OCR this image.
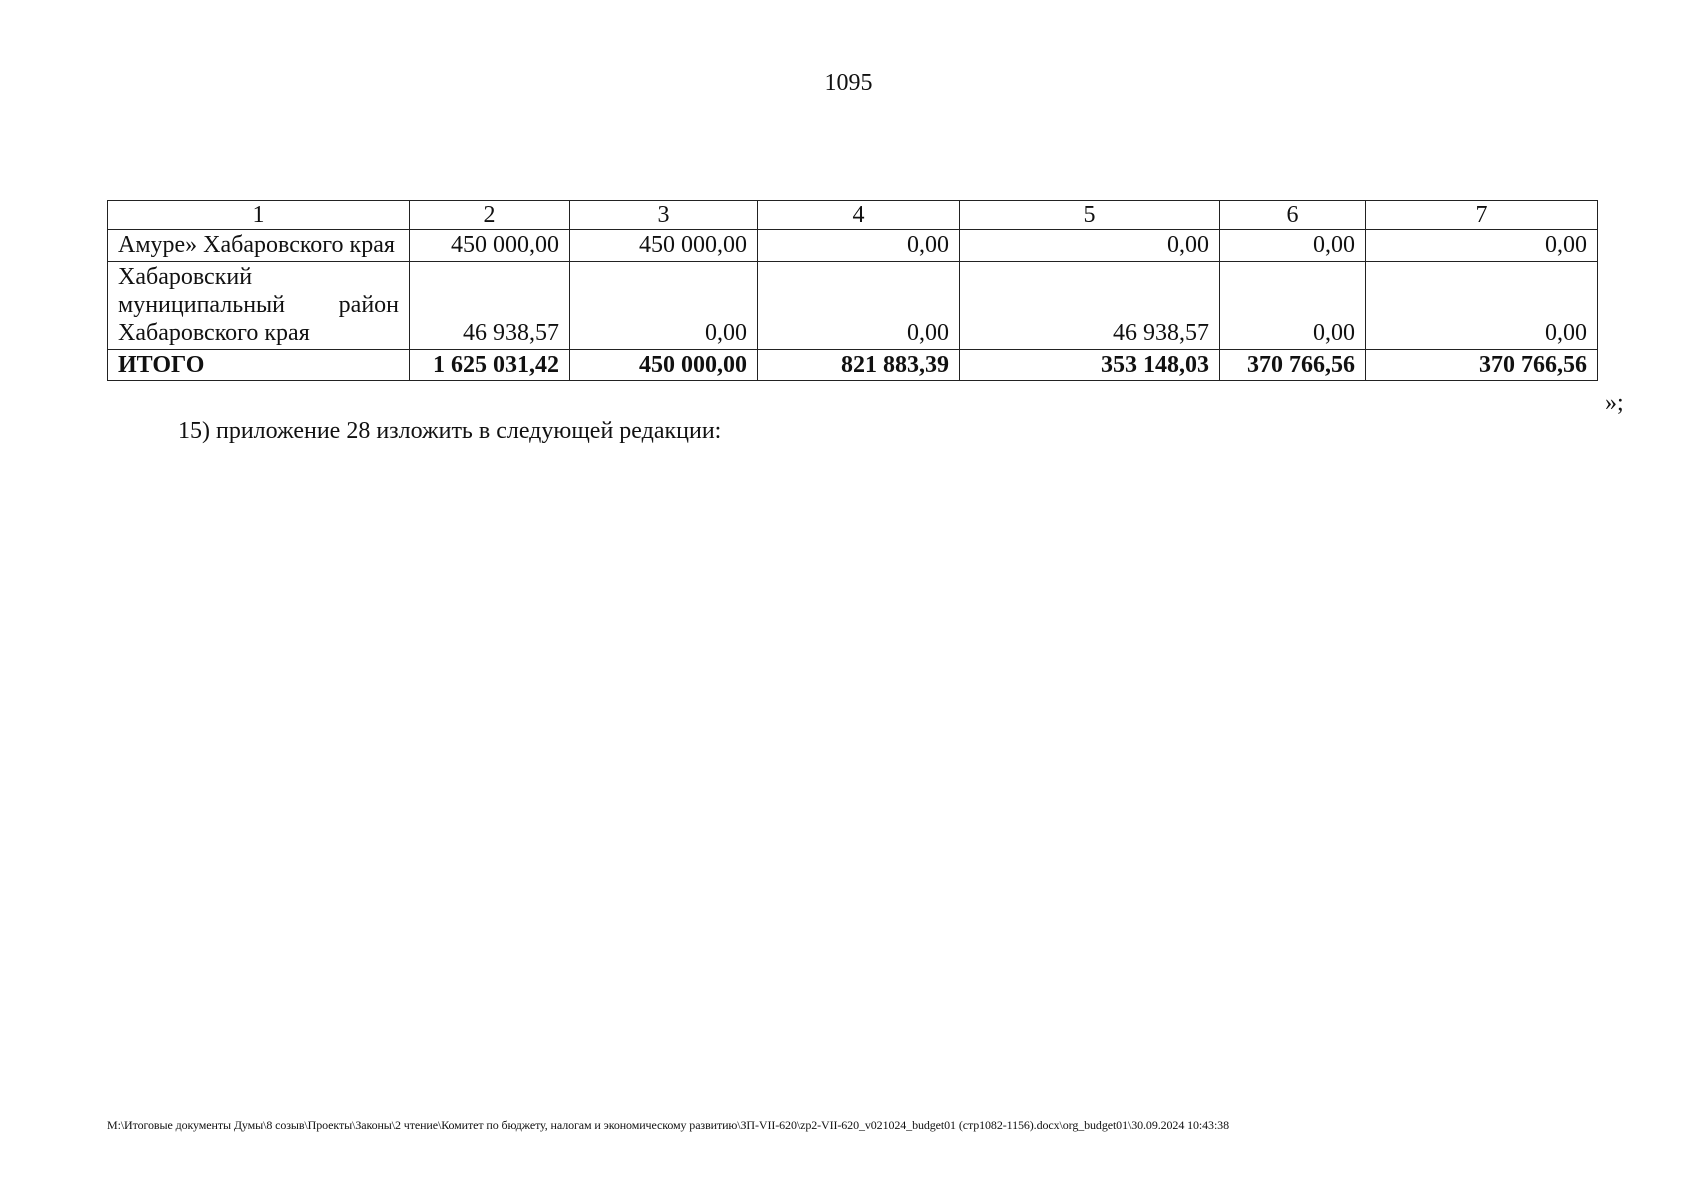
1095
1	2	3	4	5	6	7
Амуре» Хабаровского края	450 000,00	450 000,00	0,00	0,00	0,00	0,00
Хабаровский муниципальный район Хабаровского края	46 938,57	0,00	0,00	46 938,57	0,00	0,00
ИТОГО	1 625 031,42	450 000,00	821 883,39	353 148,03	370 766,56	370 766,56
»;
15) приложение 28 изложить в следующей редакции:
M:\Итоговые документы Думы\8 созыв\Проекты\Законы\2 чтение\Комитет по бюджету, налогам и экономическому развитию\ЗП-VII-620\zp2-VII-620_v021024_budget01 (стр1082-1156).docx\org_budget01\30.09.2024 10:43:38
